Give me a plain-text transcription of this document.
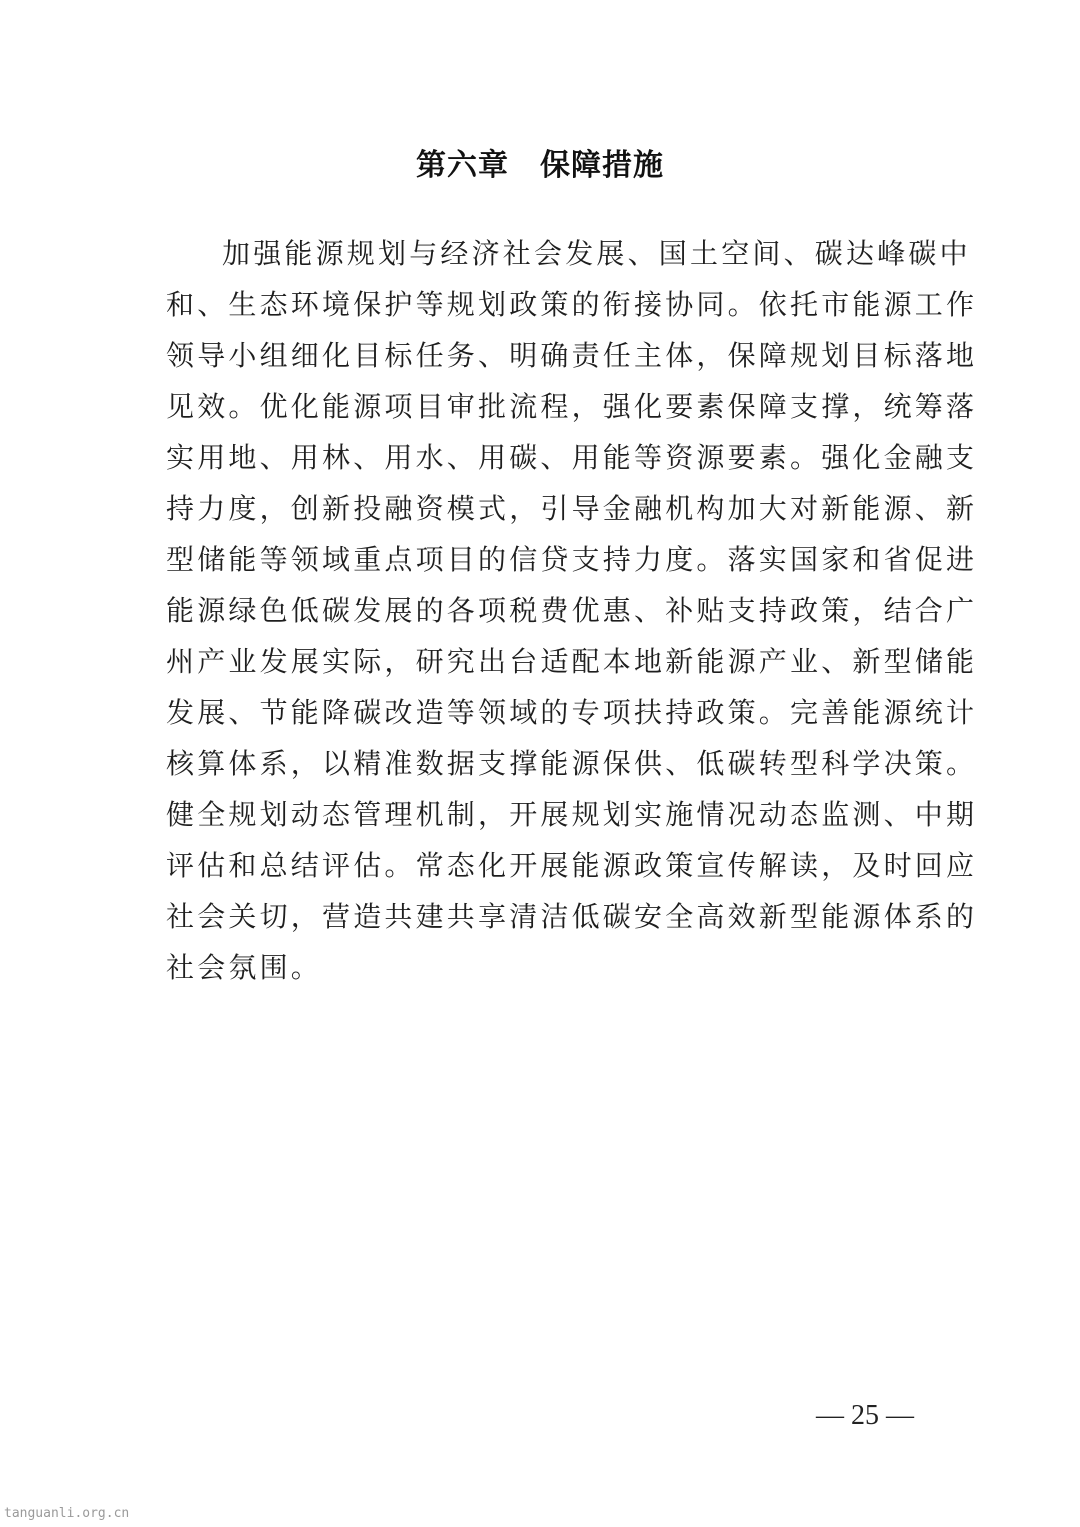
第六章　保障措施
加强能源规划与经济社会发展、国土空间、碳达峰碳中
和、生态环境保护等规划政策的衔接协同。依托市能源工作
领导小组细化目标任务、明确责任主体，保障规划目标落地
见效。优化能源项目审批流程，强化要素保障支撑，统筹落
实用地、用林、用水、用碳、用能等资源要素。强化金融支
持力度，创新投融资模式，引导金融机构加大对新能源、新
型储能等领域重点项目的信贷支持力度。落实国家和省促进
能源绿色低碳发展的各项税费优惠、补贴支持政策，结合广
州产业发展实际，研究出台适配本地新能源产业、新型储能
发展、节能降碳改造等领域的专项扶持政策。完善能源统计
核算体系，以精准数据支撑能源保供、低碳转型科学决策。
健全规划动态管理机制，开展规划实施情况动态监测、中期
评估和总结评估。常态化开展能源政策宣传解读，及时回应
社会关切，营造共建共享清洁低碳安全高效新型能源体系的
社会氛围。
— 25 —
tanguanli.org.cn
